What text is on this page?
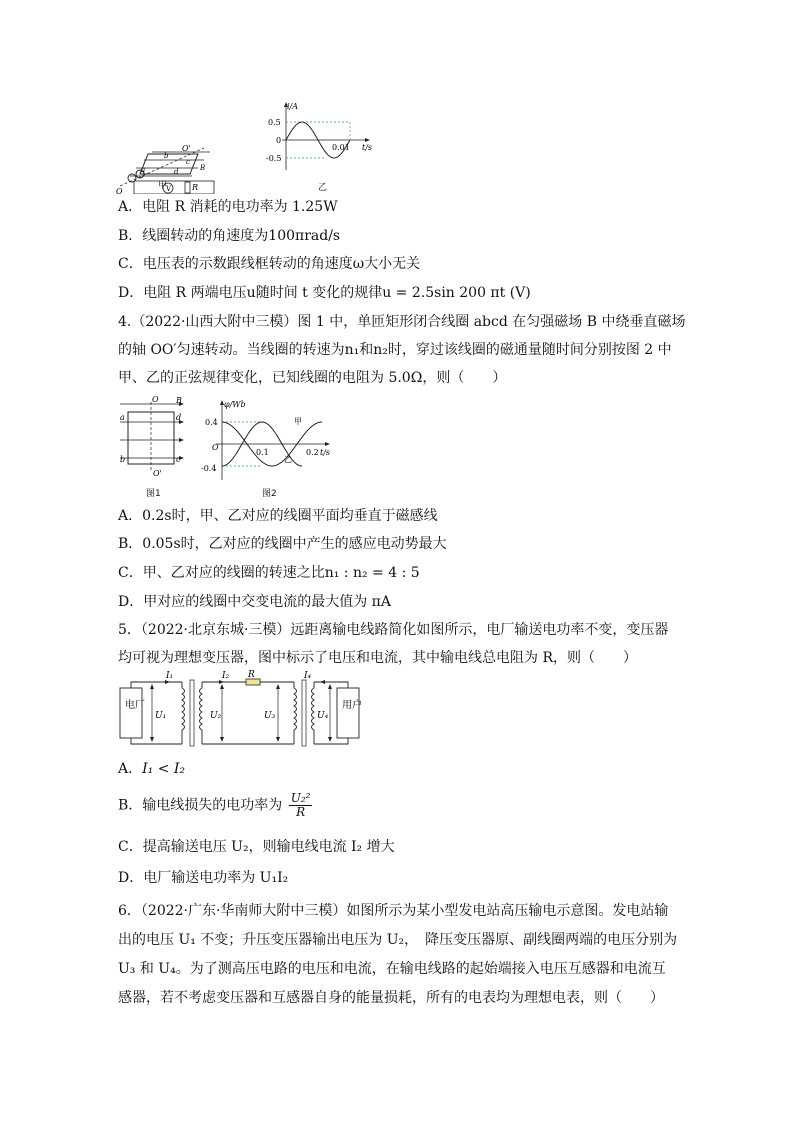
V	R
O'
b
c
a	d	B
O
甲
i/A
0.5
0
-0.5
0.01 t/s
乙
A．电阻 R 消耗的电功率为 1.25W
B．线圈转动的角速度为100πrad/s
C．电压表的示数跟线框转动的角速度ω大小无关
D．电阻 R 两端电压u随时间 t 变化的规律u = 2.5sin 200 πt (V)
4.（2022·山西大附中三模）图 1 中，单匝矩形闭合线圈 abcd 在匀强磁场 B 中绕垂直磁场
的轴 OO′匀速转动。当线圈的转速为n₁和n₂时，穿过该线圈的磁通量随时间分别按图 2 中
甲、乙的正弦规律变化，已知线圈的电阻为 5.0Ω，则（　　）
O B
a	d
b	c
O'
图1
φ/Wb
0.4
-0.4
O
0.1	0.2 t/s
甲
乙
图2
A．0.2s时，甲、乙对应的线圈平面均垂直于磁感线
B．0.05s时，乙对应的线圈中产生的感应电动势最大
C．甲、乙对应的线圈的转速之比n₁ : n₂ = 4 : 5
D．甲对应的线圈中交变电流的最大值为 πA
5．（2022·北京东城·三模）远距离输电线路简化如图所示，电厂输送电功率不变，变压器
均可视为理想变压器，图中标示了电压和电流，其中输电线总电阻为 R，则（　　）
电厂
I₁
U₁
I₂ R
U₂	U₃
I₄
U₄
用户
A．I₁ < I₂
B．输电线损失的电功率为 $\frac{\text{U₂²}}{R}$
C．提高输送电压 U₂，则输电线电流 I₂ 增大
D．电厂输送电功率为 U₁I₂
6．（2022·广东·华南师大附中三模）如图所示为某小型发电站高压输电示意图。发电站输
出的电压 U₁ 不变；升压变压器输出电压为 U₂，　降压变压器原、副线圈两端的电压分别为
U₃ 和 U₄。为了测高压电路的电压和电流，在输电线路的起始端接入电压互感器和电流互
感器，若不考虑变压器和互感器自身的能量损耗，所有的电表均为理想电表，则（　　）
